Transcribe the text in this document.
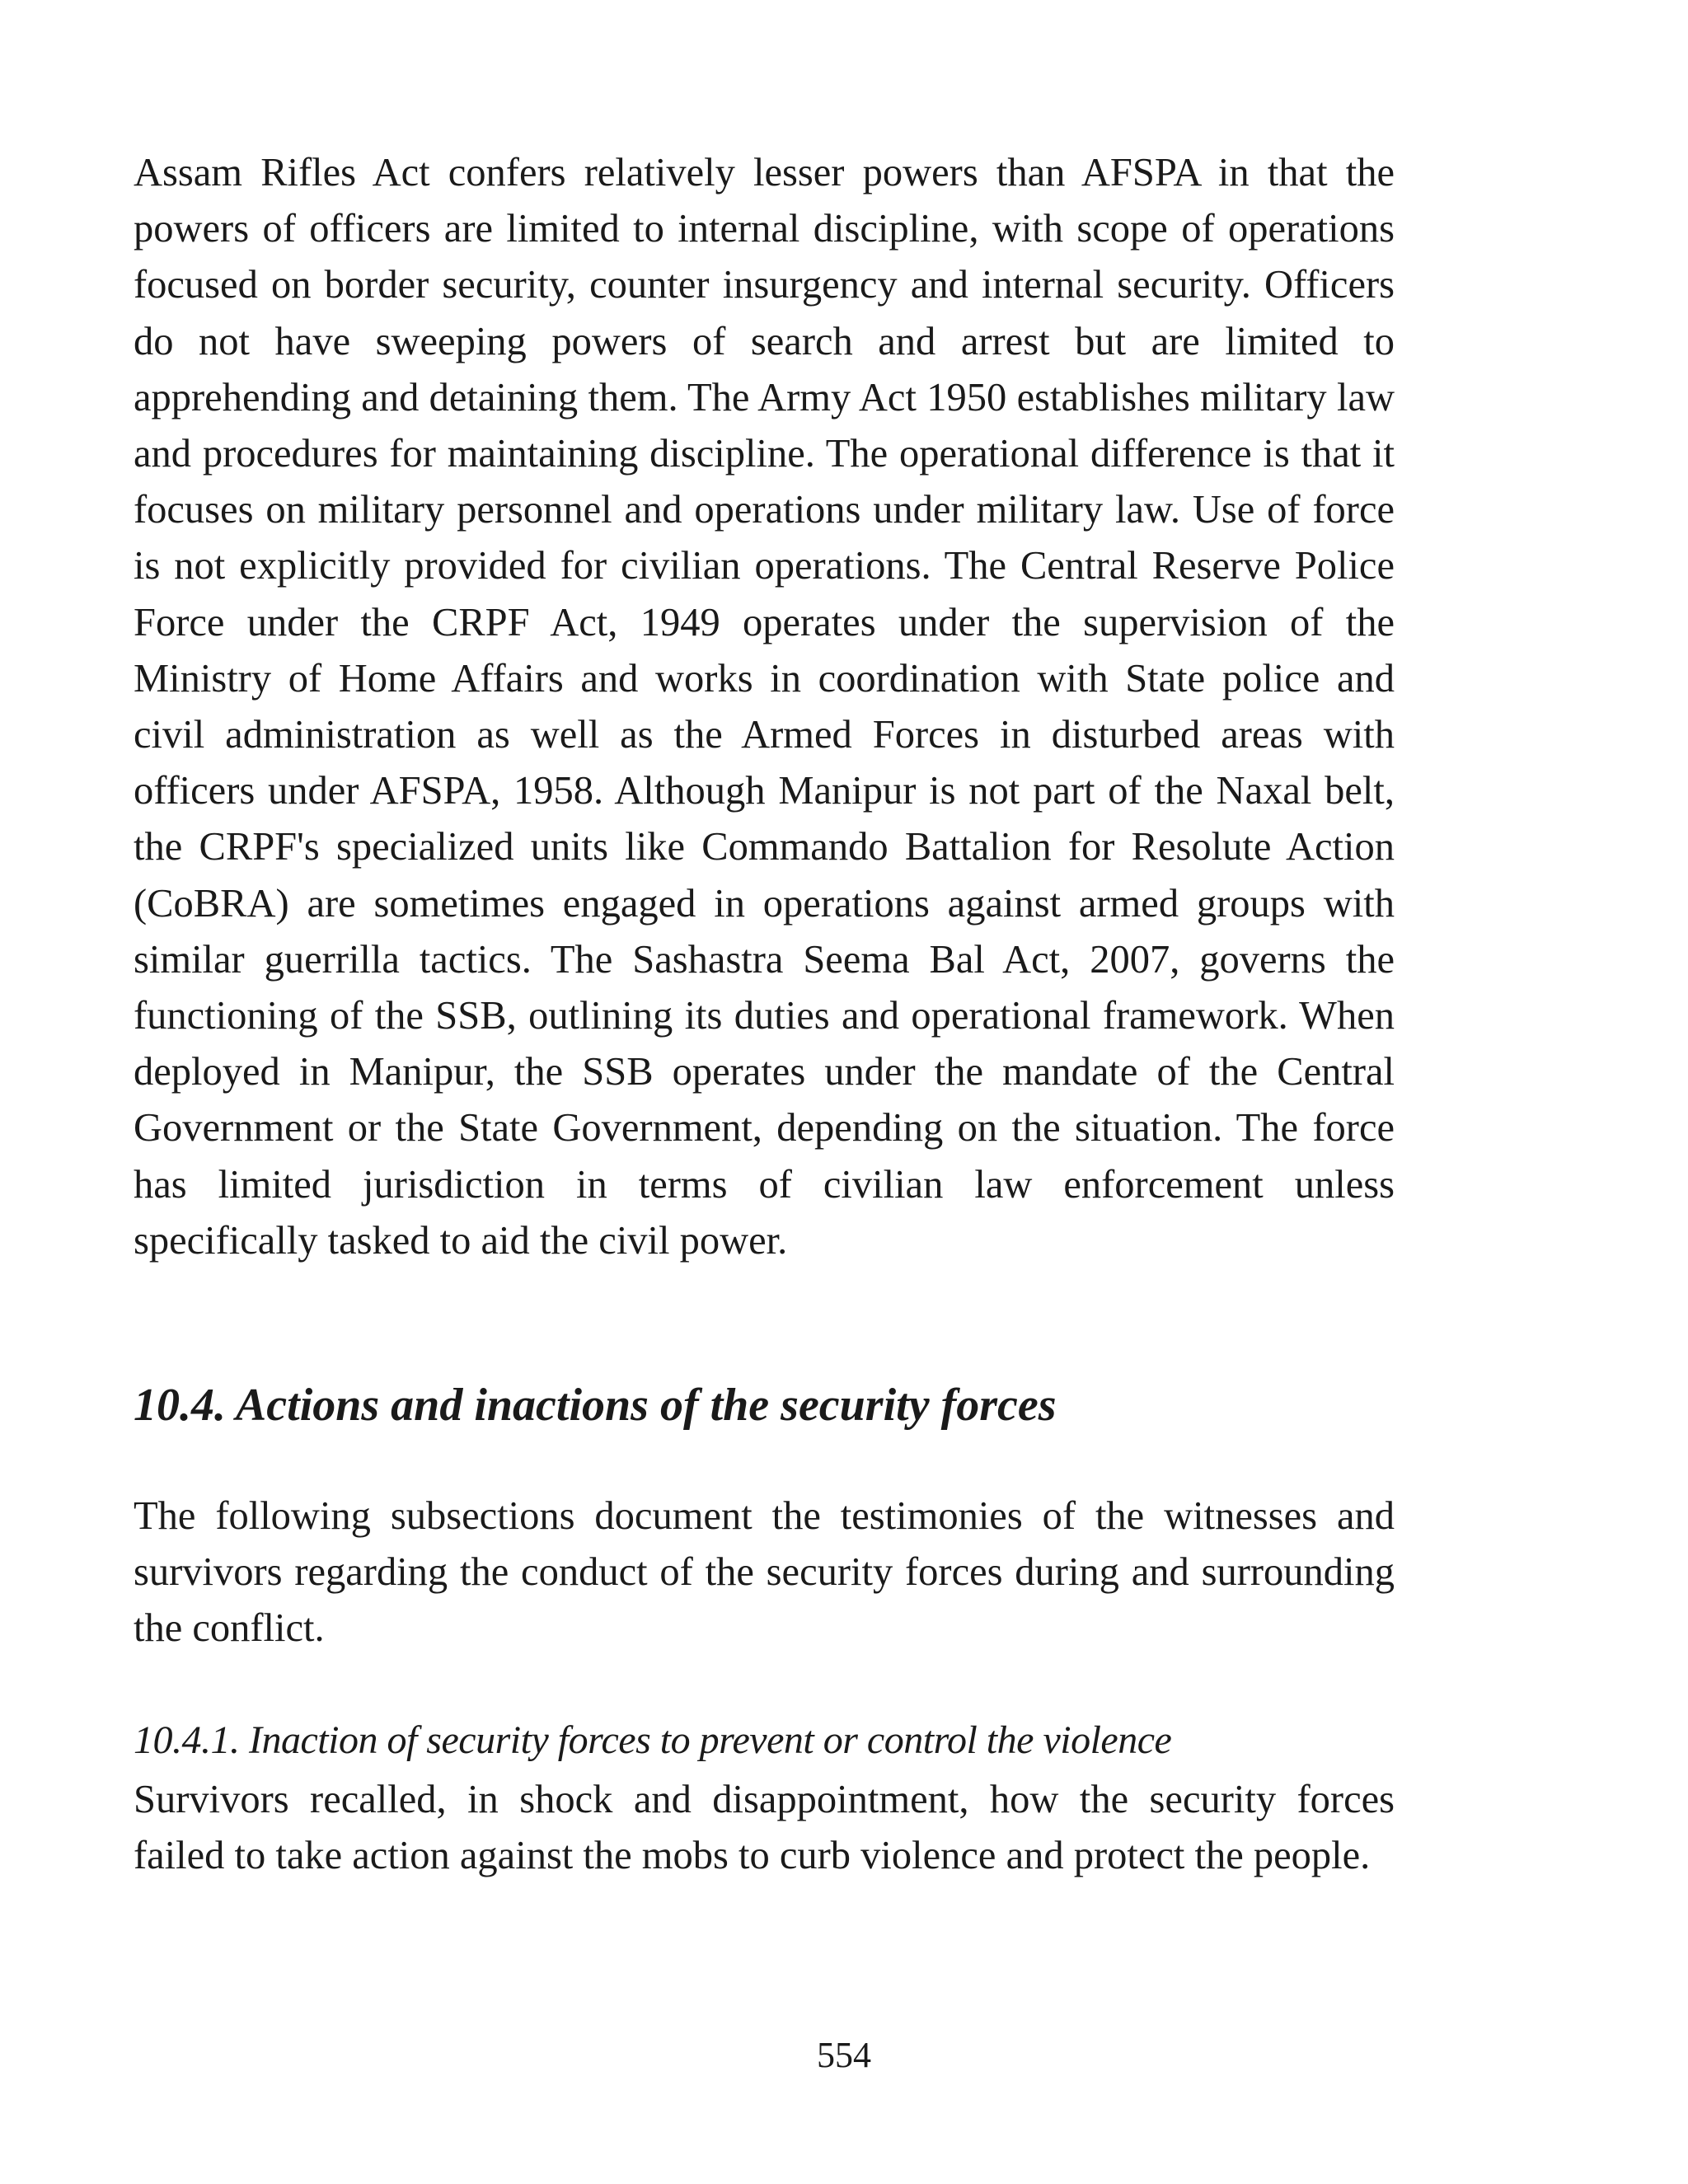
Assam Rifles Act confers relatively lesser powers than AFSPA in that the powers of officers are limited to internal discipline, with scope of operations focused on border security, counter insurgency and internal security. Officers do not have sweeping powers of search and arrest but are limited to apprehending and detaining them. The Army Act 1950 establishes military law and procedures for maintaining discipline. The operational difference is that it focuses on military personnel and operations under military law. Use of force is not explicitly provided for civilian operations. The Central Reserve Police Force under the CRPF Act, 1949 operates under the supervision of the Ministry of Home Affairs and works in coordination with State police and civil administration as well as the Armed Forces in disturbed areas with officers under AFSPA, 1958. Although Manipur is not part of the Naxal belt, the CRPF's specialized units like Commando Battalion for Resolute Action (CoBRA) are sometimes engaged in operations against armed groups with similar guerrilla tactics. The Sashastra Seema Bal Act, 2007, governs the functioning of the SSB, outlining its duties and operational framework. When deployed in Manipur, the SSB operates under the mandate of the Central Government or the State Government, depending on the situation. The force has limited jurisdiction in terms of civilian law enforcement unless specifically tasked to aid the civil power.

10.4. Actions and inactions of the security forces

The following subsections document the testimonies of the witnesses and survivors regarding the conduct of the security forces during and surrounding the conflict.

10.4.1. Inaction of security forces to prevent or control the violence

Survivors recalled, in shock and disappointment, how the security forces failed to take action against the mobs to curb violence and protect the people.

554
